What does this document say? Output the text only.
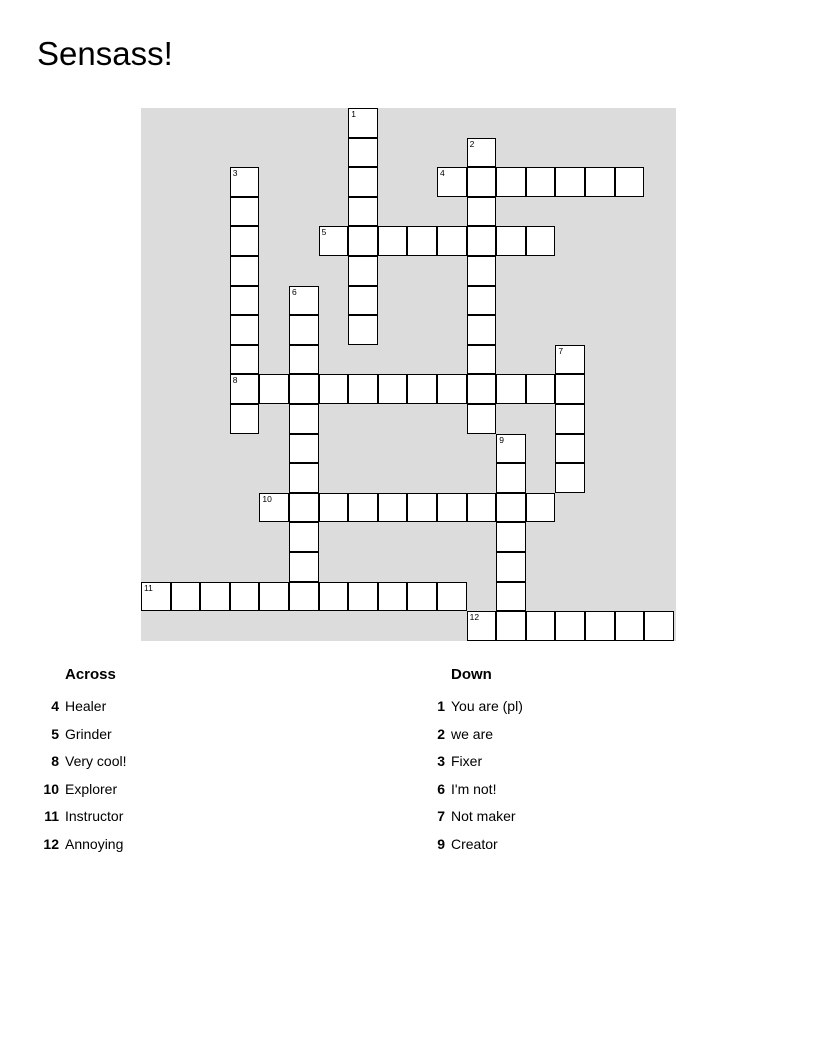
Sensass!
1
2
3	4
5
6
7
8
9
10
11
12
Across
4 Healer
5 Grinder
8 Very cool!
10 Explorer
11 Instructor
12 Annoying
Down
1 You are (pl)
2 we are
3 Fixer
6 I'm not!
7 Not maker
9 Creator
